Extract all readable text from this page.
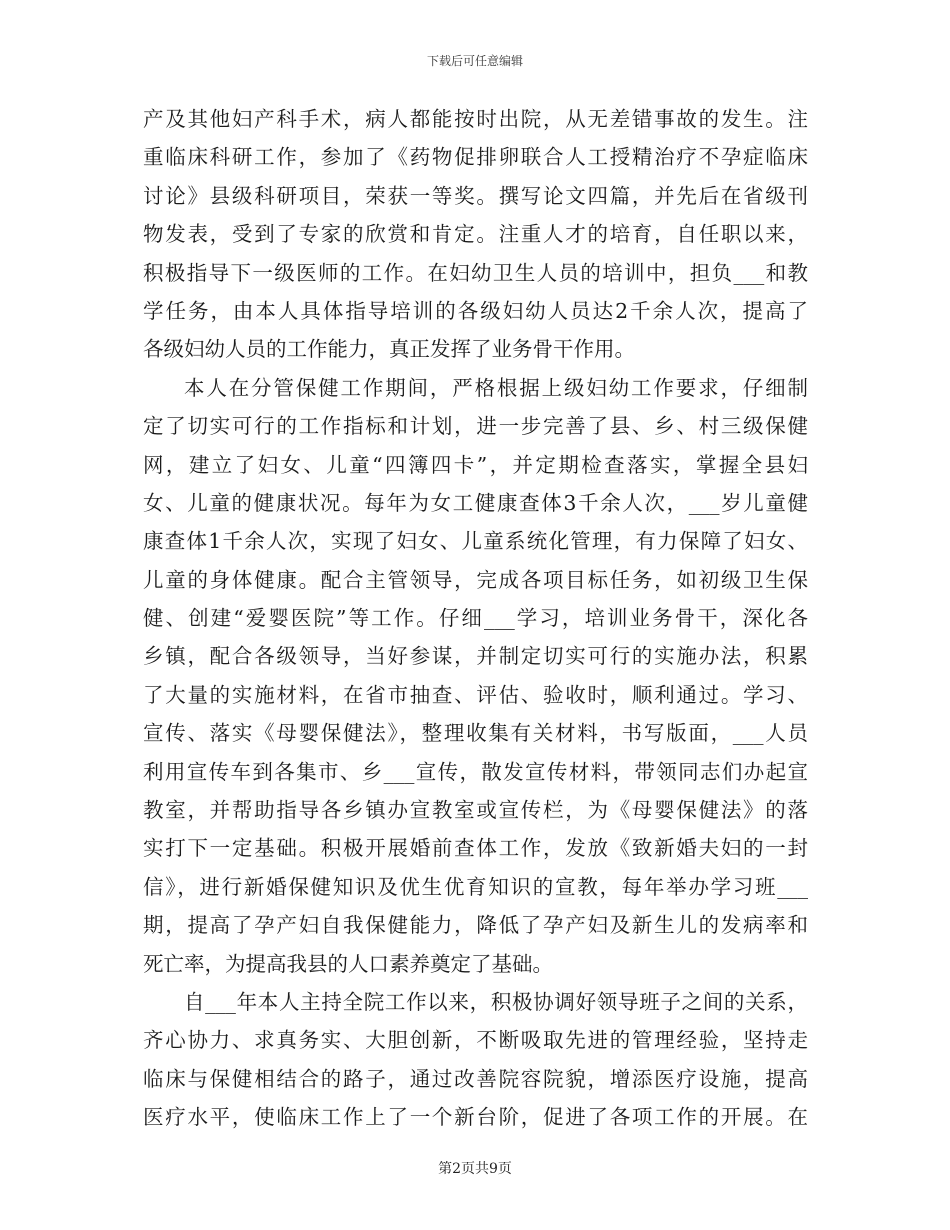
下载后可任意编辑
产及其他妇产科手术，病人都能按时出院，从无差错事故的发生。注
重临床科研工作，参加了《药物促排卵联合人工授精治疗不孕症临床
讨论》县级科研项目，荣获一等奖。撰写论文四篇，并先后在省级刊
物发表，受到了专家的欣赏和肯定。注重人才的培育，自任职以来，
积极指导下一级医师的工作。在妇幼卫生人员的培训中，担负___和教
学任务，由本人具体指导培训的各级妇幼人员达2千余人次，提高了
各级妇幼人员的工作能力，真正发挥了业务骨干作用。
本人在分管保健工作期间，严格根据上级妇幼工作要求，仔细制
定了切实可行的工作指标和计划，进一步完善了县、乡、村三级保健
网，建立了妇女、儿童“四簿四卡”，并定期检查落实，掌握全县妇
女、儿童的健康状况。每年为女工健康查体3千余人次，___岁儿童健
康查体1千余人次，实现了妇女、儿童系统化管理，有力保障了妇女、
儿童的身体健康。配合主管领导，完成各项目标任务，如初级卫生保
健、创建“爱婴医院”等工作。仔细___学习，培训业务骨干，深化各
乡镇，配合各级领导，当好参谋，并制定切实可行的实施办法，积累
了大量的实施材料，在省市抽查、评估、验收时，顺利通过。学习、
宣传、落实《母婴保健法》，整理收集有关材料，书写版面，___人员
利用宣传车到各集市、乡___宣传，散发宣传材料，带领同志们办起宣
教室，并帮助指导各乡镇办宣教室或宣传栏，为《母婴保健法》的落
实打下一定基础。积极开展婚前查体工作，发放《致新婚夫妇的一封
信》，进行新婚保健知识及优生优育知识的宣教，每年举办学习班___
期，提高了孕产妇自我保健能力，降低了孕产妇及新生儿的发病率和
死亡率，为提高我县的人口素养奠定了基础。
自___年本人主持全院工作以来，积极协调好领导班子之间的关系，
齐心协力、求真务实、大胆创新，不断吸取先进的管理经验，坚持走
临床与保健相结合的路子，通过改善院容院貌，增添医疗设施，提高
医疗水平，使临床工作上了一个新台阶，促进了各项工作的开展。在
第2页共9页
